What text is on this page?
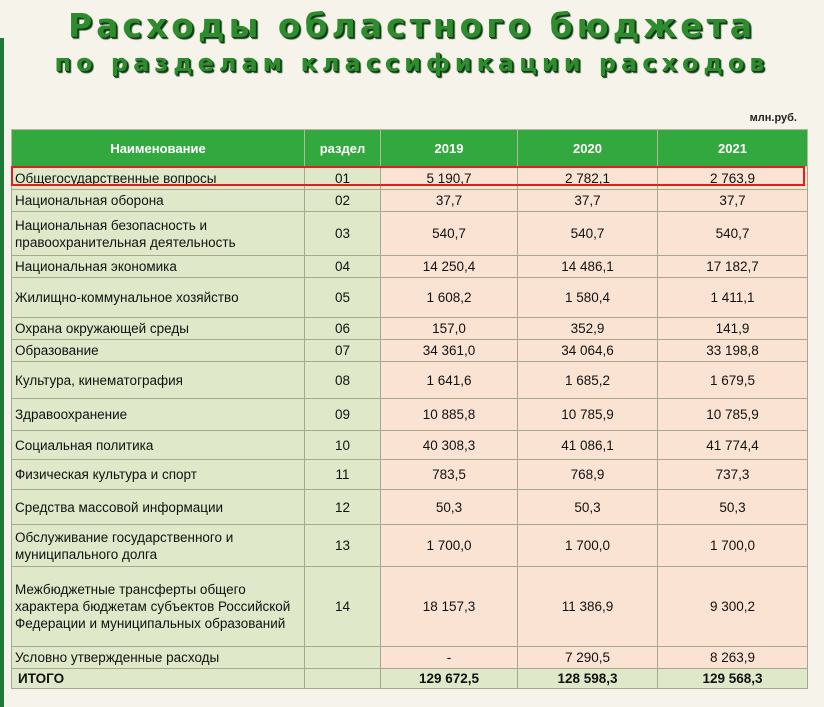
Расходы областного бюджета
по разделам классификации расходов
млн.руб.
Наименование	раздел	2019	2020	2021
Общегосударственные вопросы	01	5 190,7	2 782,1	2 763,9
Национальная оборона	02	37,7	37,7	37,7
Национальная безопасность и правоохранительная деятельность	03	540,7	540,7	540,7
Национальная экономика	04	14 250,4	14 486,1	17 182,7
Жилищно-коммунальное хозяйство	05	1 608,2	1 580,4	1 411,1
Охрана окружающей среды	06	157,0	352,9	141,9
Образование	07	34 361,0	34 064,6	33 198,8
Культура, кинематография	08	1 641,6	1 685,2	1 679,5
Здравоохранение	09	10 885,8	10 785,9	10 785,9
Социальная политика	10	40 308,3	41 086,1	41 774,4
Физическая культура и спорт	11	783,5	768,9	737,3
Средства массовой информации	12	50,3	50,3	50,3
Обслуживание государственного и муниципального долга	13	1 700,0	1 700,0	1 700,0
Межбюджетные трансферты общего характера бюджетам субъектов Российской Федерации и муниципальных образований	14	18 157,3	11 386,9	9 300,2
Условно утвержденные расходы		-	7 290,5	8 263,9
ИТОГО		129 672,5	128 598,3	129 568,3
